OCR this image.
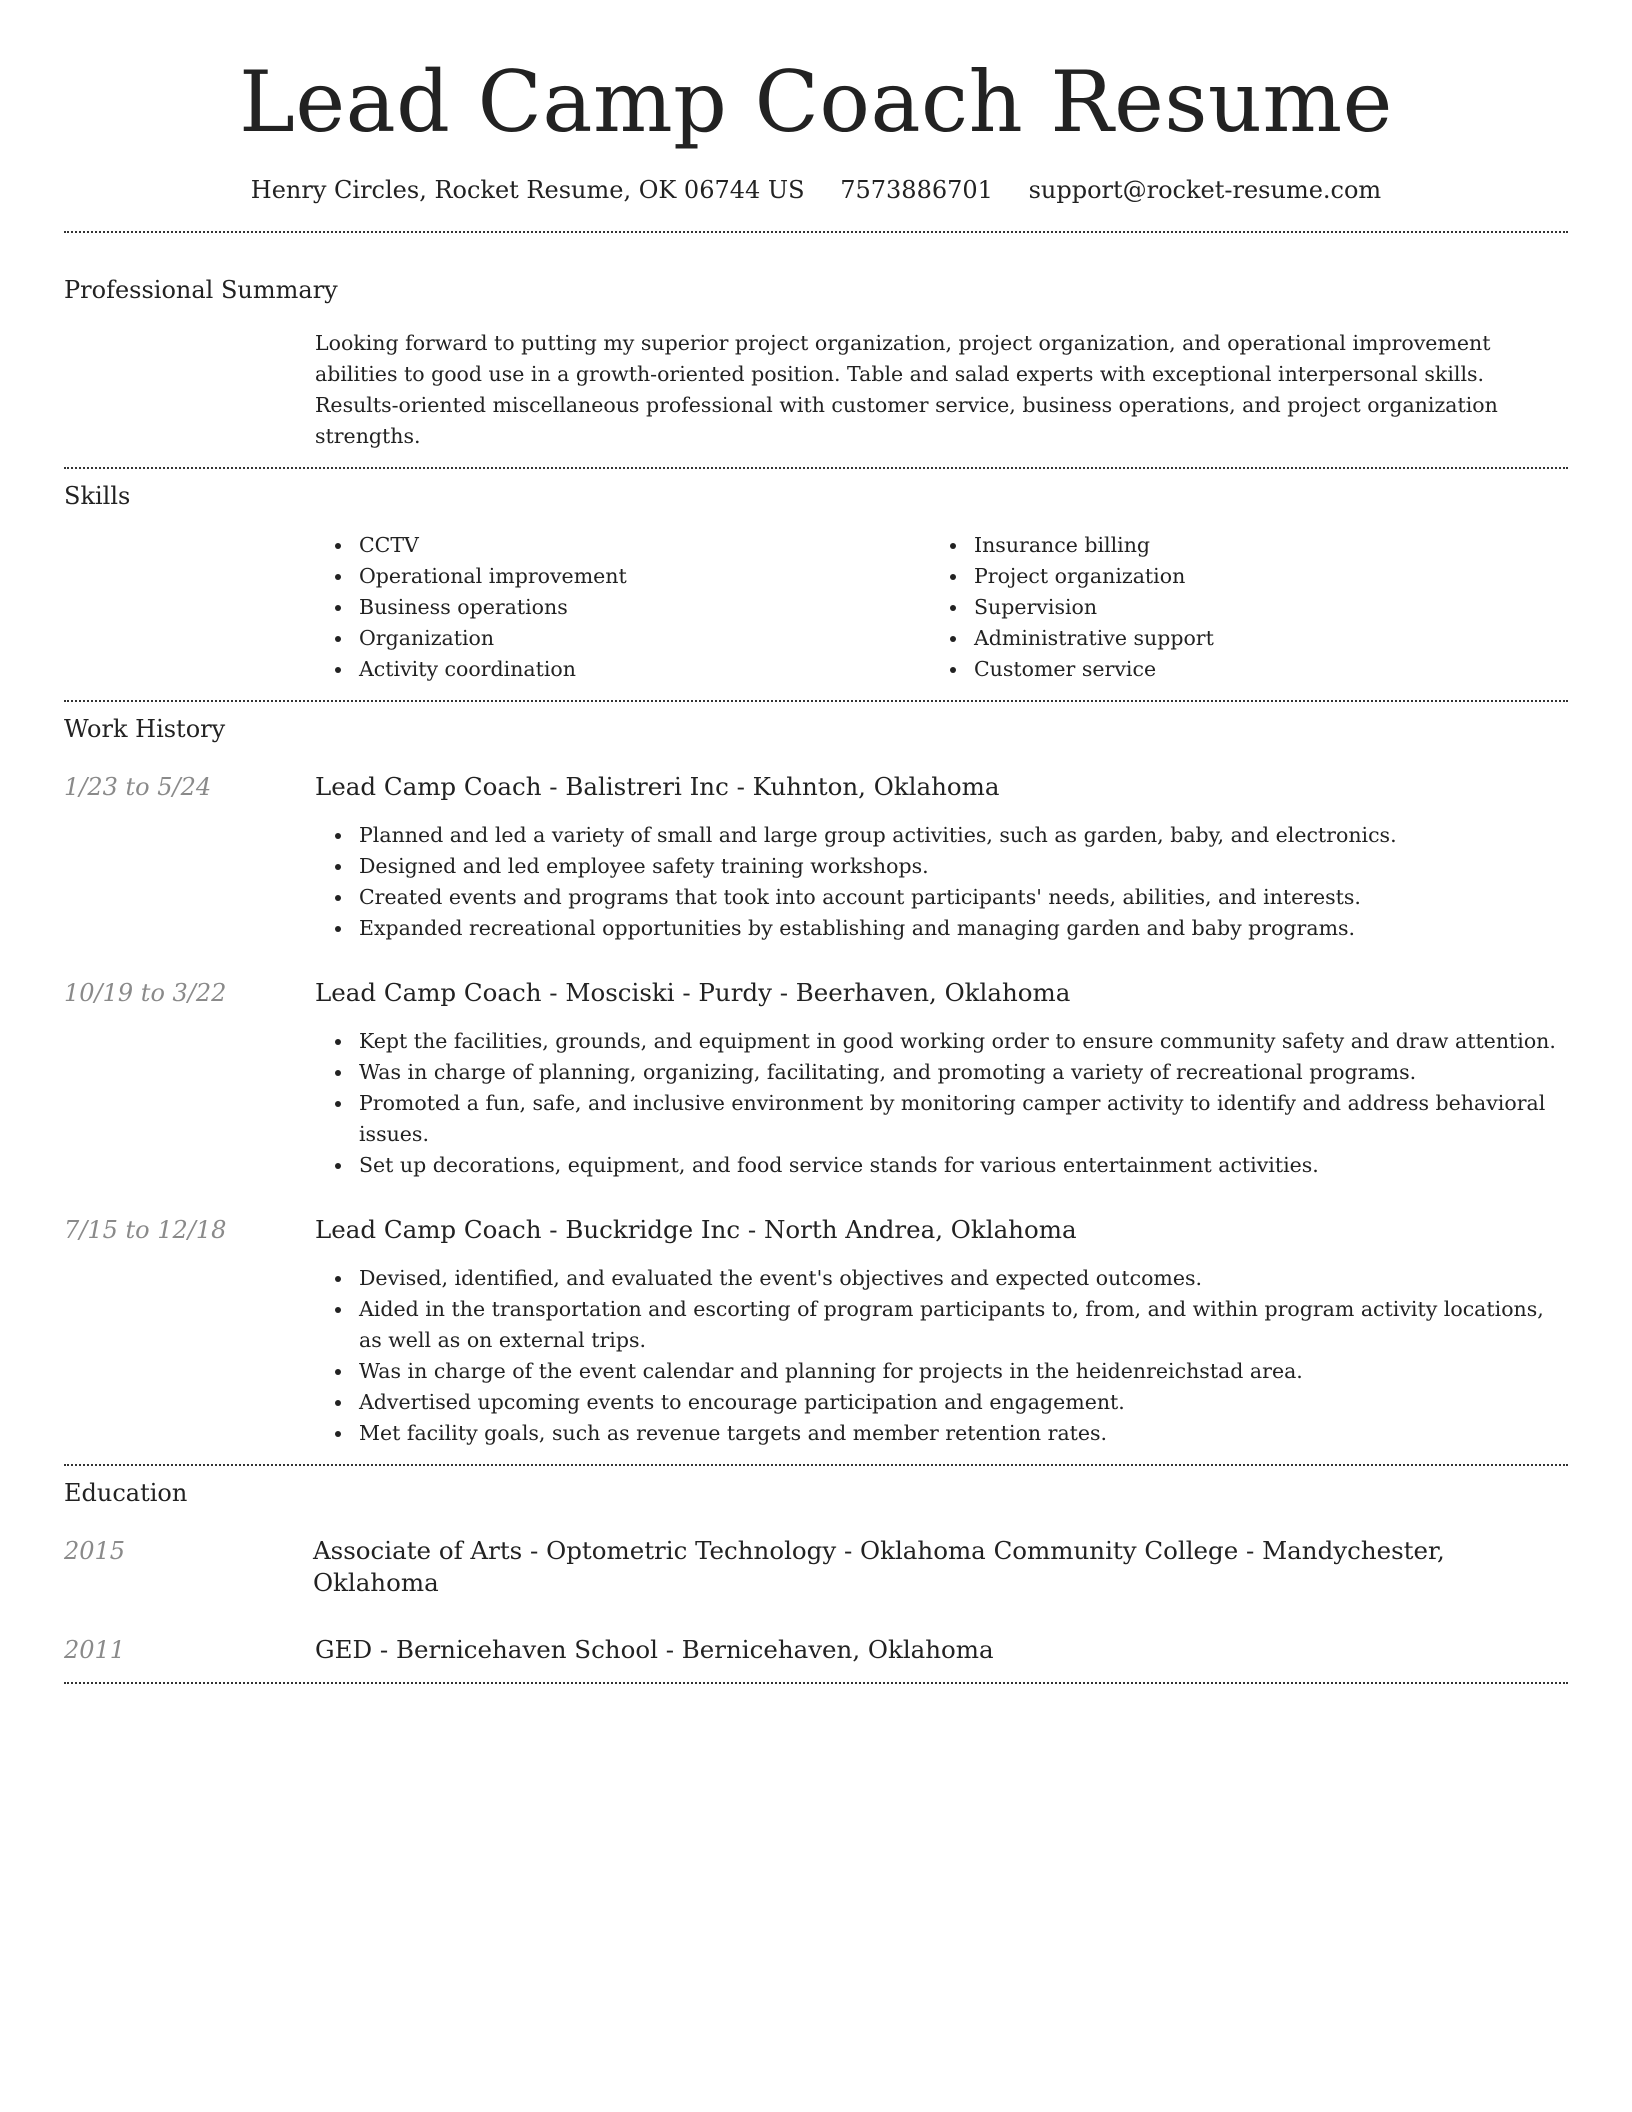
Lead Camp Coach Resume
Henry Circles, Rocket Resume, OK 06744 US 7573886701 support@rocket-resume.com
Professional Summary
Looking forward to putting my superior project organization, project organization, and operational improvement abilities to good use in a growth-oriented position. Table and salad experts with exceptional interpersonal skills. Results-oriented miscellaneous professional with customer service, business operations, and project organization strengths.
Skills
CCTV
Operational improvement
Business operations
Organization
Activity coordination
Insurance billing
Project organization
Supervision
Administrative support
Customer service
Work History
1/23 to 5/24	Lead Camp Coach - Balistreri Inc - Kuhnton, Oklahoma
Planned and led a variety of small and large group activities, such as garden, baby, and electronics.
Designed and led employee safety training workshops.
Created events and programs that took into account participants' needs, abilities, and interests.
Expanded recreational opportunities by establishing and managing garden and baby programs.
10/19 to 3/22	Lead Camp Coach - Mosciski - Purdy - Beerhaven, Oklahoma
Kept the facilities, grounds, and equipment in good working order to ensure community safety and draw attention.
Was in charge of planning, organizing, facilitating, and promoting a variety of recreational programs.
Promoted a fun, safe, and inclusive environment by monitoring camper activity to identify and address behavioral issues.
Set up decorations, equipment, and food service stands for various entertainment activities.
7/15 to 12/18	Lead Camp Coach - Buckridge Inc - North Andrea, Oklahoma
Devised, identified, and evaluated the event's objectives and expected outcomes.
Aided in the transportation and escorting of program participants to, from, and within program activity locations, as well as on external trips.
Was in charge of the event calendar and planning for projects in the heidenreichstad area.
Advertised upcoming events to encourage participation and engagement.
Met facility goals, such as revenue targets and member retention rates.
Education
2015	Associate of Arts - Optometric Technology - Oklahoma Community College - Mandychester, Oklahoma
2011	GED - Bernicehaven School - Bernicehaven, Oklahoma
